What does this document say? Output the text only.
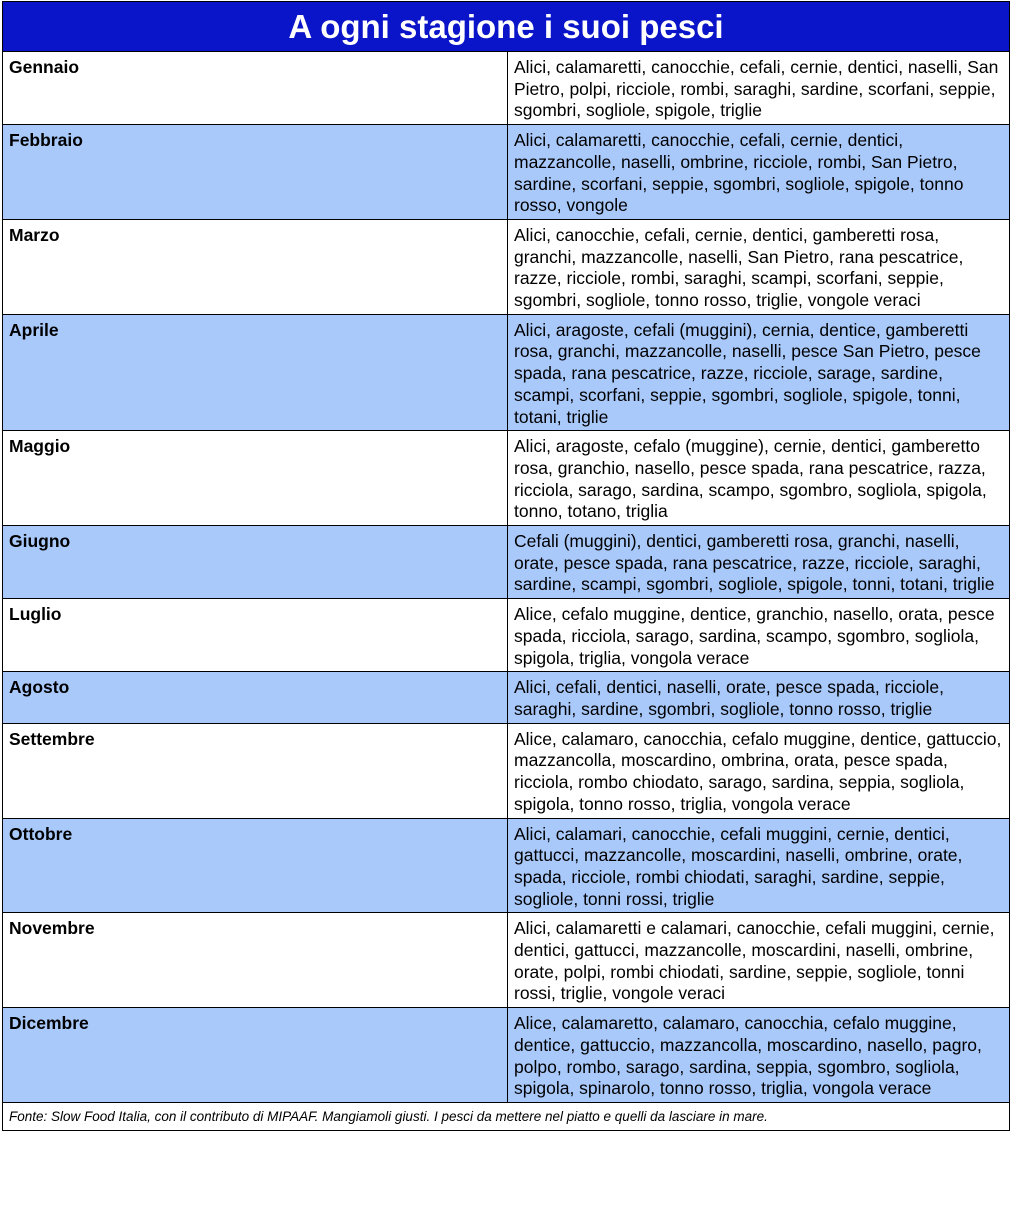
A ogni stagione i suoi pesci	
Gennaio	Alici, calamaretti, canocchie, cefali, cernie, dentici, naselli, San Pietro, polpi, ricciole, rombi, saraghi, sardine, scorfani, seppie, sgombri, sogliole, spigole, triglie
Febbraio	Alici, calamaretti, canocchie, cefali, cernie, dentici, mazzancolle, naselli, ombrine, ricciole, rombi, San Pietro, sardine, scorfani, seppie, sgombri, sogliole, spigole, tonno rosso, vongole
Marzo	Alici, canocchie, cefali, cernie, dentici, gamberetti rosa, granchi, mazzancolle, naselli, San Pietro, rana pescatrice, razze, ricciole, rombi, saraghi, scampi, scorfani, seppie, sgombri, sogliole, tonno rosso, triglie, vongole veraci
Aprile	Alici, aragoste, cefali (muggini), cernia, dentice, gamberetti rosa, granchi, mazzancolle, naselli, pesce San Pietro, pesce spada, rana pescatrice, razze, ricciole, sarage, sardine, scampi, scorfani, seppie, sgombri, sogliole, spigole, tonni, totani, triglie
Maggio	Alici, aragoste, cefalo (muggine), cernie, dentici, gamberetto rosa, granchio, nasello, pesce spada, rana pescatrice, razza, ricciola, sarago, sardina, scampo, sgombro, sogliola, spigola, tonno, totano, triglia
Giugno	Cefali (muggini), dentici, gamberetti rosa, granchi, naselli, orate, pesce spada, rana pescatrice, razze, ricciole, saraghi, sardine, scampi, sgombri, sogliole, spigole, tonni, totani, triglie
Luglio	Alice, cefalo muggine, dentice, granchio, nasello, orata, pesce spada, ricciola, sarago, sardina, scampo, sgombro, sogliola, spigola, triglia, vongola verace
Agosto	Alici, cefali, dentici, naselli, orate, pesce spada, ricciole, saraghi, sardine, sgombri, sogliole, tonno rosso, triglie
Settembre	Alice, calamaro, canocchia, cefalo muggine, dentice, gattuccio, mazzancolla, moscardino, ombrina, orata, pesce spada, ricciola, rombo chiodato, sarago, sardina, seppia, sogliola, spigola, tonno rosso, triglia, vongola verace
Ottobre	Alici, calamari, canocchie, cefali muggini, cernie, dentici, gattucci, mazzancolle, moscardini, naselli, ombrine, orate, spada, ricciole, rombi chiodati, saraghi, sardine, seppie, sogliole, tonni rossi, triglie
Novembre	Alici, calamaretti e calamari, canocchie, cefali muggini, cernie, dentici, gattucci, mazzancolle, moscardini, naselli, ombrine, orate, polpi, rombi chiodati, sardine, seppie, sogliole, tonni rossi, triglie, vongole veraci
Dicembre	Alice, calamaretto, calamaro, canocchia, cefalo muggine, dentice, gattuccio, mazzancolla, moscardino, nasello, pagro, polpo, rombo, sarago, sardina, seppia, sgombro, sogliola, spigola, spinarolo, tonno rosso, triglia, vongola verace
Fonte: Slow Food Italia, con il contributo di MIPAAF. Mangiamoli giusti. I pesci da mettere nel piatto e quelli da lasciare in mare.	
